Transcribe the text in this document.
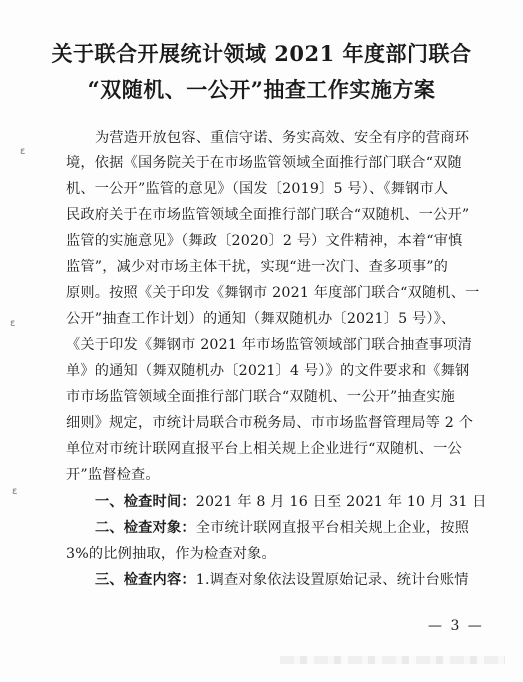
关于联合开展统计领域 2021 年度部门联合
“双随机、一公开”抽查工作实施方案
ε
ε
ε
为营造开放包容、重信守诺、务实高效、安全有序的营商环
境，依据《国务院关于在市场监管领域全面推行部门联合“双随
机、一公开”监管的意见》（国发〔2019〕5 号）、《舞钢市人
民政府关于在市场监管领域全面推行部门联合“双随机、一公开”
监管的实施意见》（舞政〔2020〕2 号）文件精神，本着“审慎
监管”，减少对市场主体干扰，实现“进一次门、查多项事”的
原则。按照《关于印发《舞钢市 2021 年度部门联合“双随机、一
公开”抽查工作计划）的通知（舞双随机办〔2021〕5 号）》、
《关于印发《舞钢市 2021 年市场监管领域部门联合抽查事项清
单》的通知（舞双随机办〔2021〕4 号）》的文件要求和《舞钢
市市场监管领域全面推行部门联合“双随机、一公开”抽查实施
细则》规定，市统计局联合市税务局、市市场监督管理局等 2 个
单位对市统计联网直报平台上相关规上企业进行“双随机、一公
开”监督检查。
一、检查时间：2021 年 8 月 16 日至 2021 年 10 月 31 日
二、检查对象：全市统计联网直报平台相关规上企业，按照
3%的比例抽取，作为检查对象。
三、检查内容：1.调查对象依法设置原始记录、统计台账情
— 3 —
